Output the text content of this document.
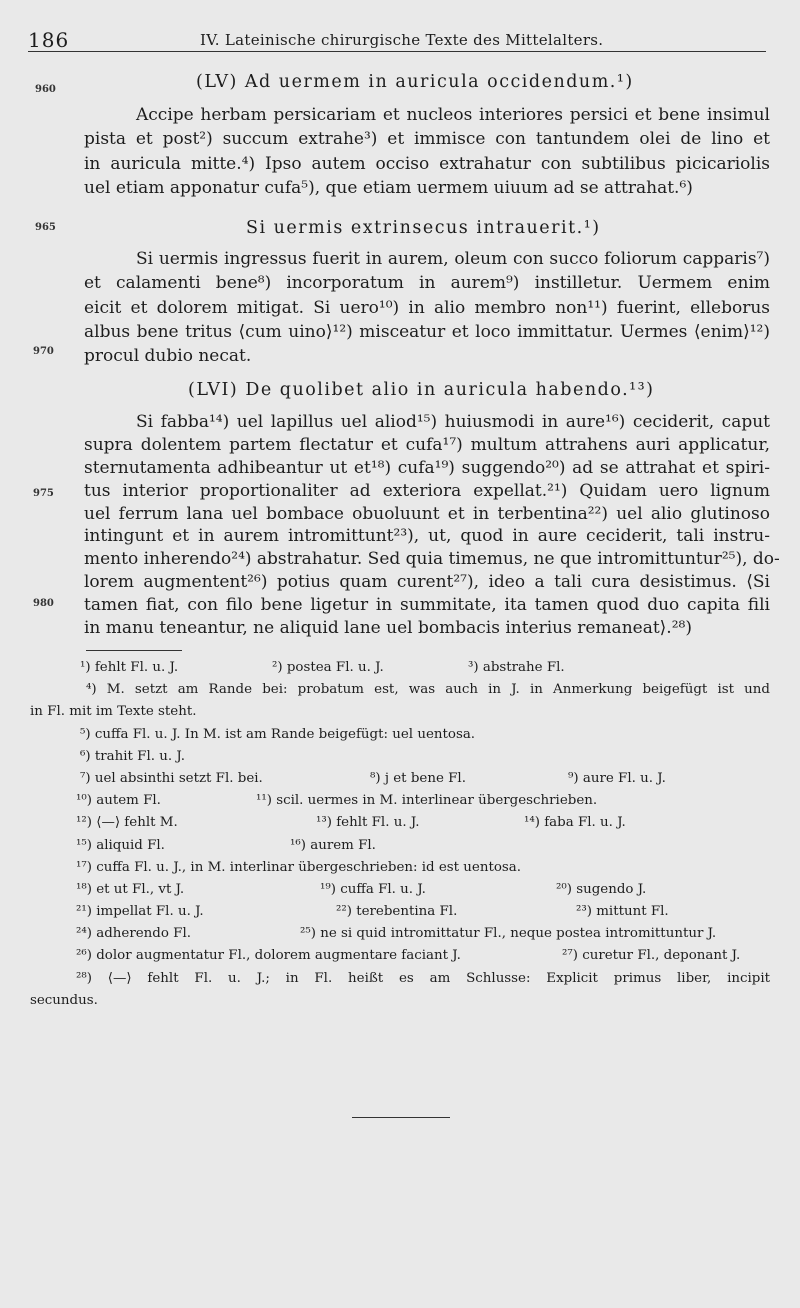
186	IV. Lateinische chirurgische Texte des Mittelalters.
960
965
970
975
980
(LV) Ad uermem in auricula occidendum.¹)
Accipe herbam persicariam et nucleos interiores persici et bene insimul
pista et post²) succum extrahe³) et immisce con tantundem olei de lino et
in auricula mitte.⁴) Ipso autem occiso extrahatur con subtilibus picicariolis
uel etiam apponatur cufa⁵), que etiam uermem uiuum ad se attrahat.⁶)
Si uermis extrinsecus intrauerit.¹)
Si uermis ingressus fuerit in aurem, oleum con succo foliorum capparis⁷)
et calamenti bene⁸) incorporatum in aurem⁹) instilletur. Uermem enim
eicit et dolorem mitigat. Si uero¹⁰) in alio membro non¹¹) fuerint, elleborus
albus bene tritus ⟨cum uino⟩¹²) misceatur et loco immittatur. Uermes ⟨enim⟩¹²)
procul dubio necat.
(LVI) De quolibet alio in auricula habendo.¹³)
Si fabba¹⁴) uel lapillus uel aliod¹⁵) huiusmodi in aure¹⁶) ceciderit, caput
supra dolentem partem flectatur et cufa¹⁷) multum attrahens auri applicatur,
sternutamenta adhibeantur ut et¹⁸) cufa¹⁹) suggendo²⁰) ad se attrahat et spiri-
tus interior proportionaliter ad exteriora expellat.²¹) Quidam uero lignum
uel ferrum lana uel bombace obuoluunt et in terbentina²²) uel alio glutinoso
intingunt et in aurem intromittunt²³), ut, quod in aure ceciderit, tali instru-
mento inherendo²⁴) abstrahatur. Sed quia timemus, ne que intromittuntur²⁵), do-
lorem augmentent²⁶) potius quam curent²⁷), ideo a tali cura desistimus. ⟨Si
tamen fiat, con filo bene ligetur in summitate, ita tamen quod duo capita fili
in manu teneantur, ne aliquid lane uel bombacis interius remaneat⟩.²⁸)
¹) fehlt Fl. u. J.	²) postea Fl. u. J.	³) abstrahe Fl.
⁴) M. setzt am Rande bei: probatum est, was auch in J. in Anmerkung beigefügt ist und
in Fl. mit im Texte steht.
⁵) cuffa Fl. u. J. In M. ist am Rande beigefügt: uel uentosa.
⁶) trahit Fl. u. J.
⁷) uel absinthi setzt Fl. bei.	⁸) j et bene Fl.	⁹) aure Fl. u. J.
¹⁰) autem Fl.	¹¹) scil. uermes in M. interlinear übergeschrieben.
¹²) ⟨—⟩ fehlt M.	¹³) fehlt Fl. u. J.	¹⁴) faba Fl. u. J.
¹⁵) aliquid Fl.	¹⁶) aurem Fl.
¹⁷) cuffa Fl. u. J., in M. interlinar übergeschrieben: id est uentosa.
¹⁸) et ut Fl., vt J.	¹⁹) cuffa Fl. u. J.	²⁰) sugendo J.
²¹) impellat Fl. u. J.	²²) terebentina Fl.	²³) mittunt Fl.
²⁴) adherendo Fl.	²⁵) ne si quid intromittatur Fl., neque postea intromittuntur J.
²⁶) dolor augmentatur Fl., dolorem augmentare faciant J.	²⁷) curetur Fl., deponant J.
²⁸) ⟨—⟩ fehlt Fl. u. J.; in Fl. heißt es am Schlusse: Explicit primus liber, incipit
secundus.
